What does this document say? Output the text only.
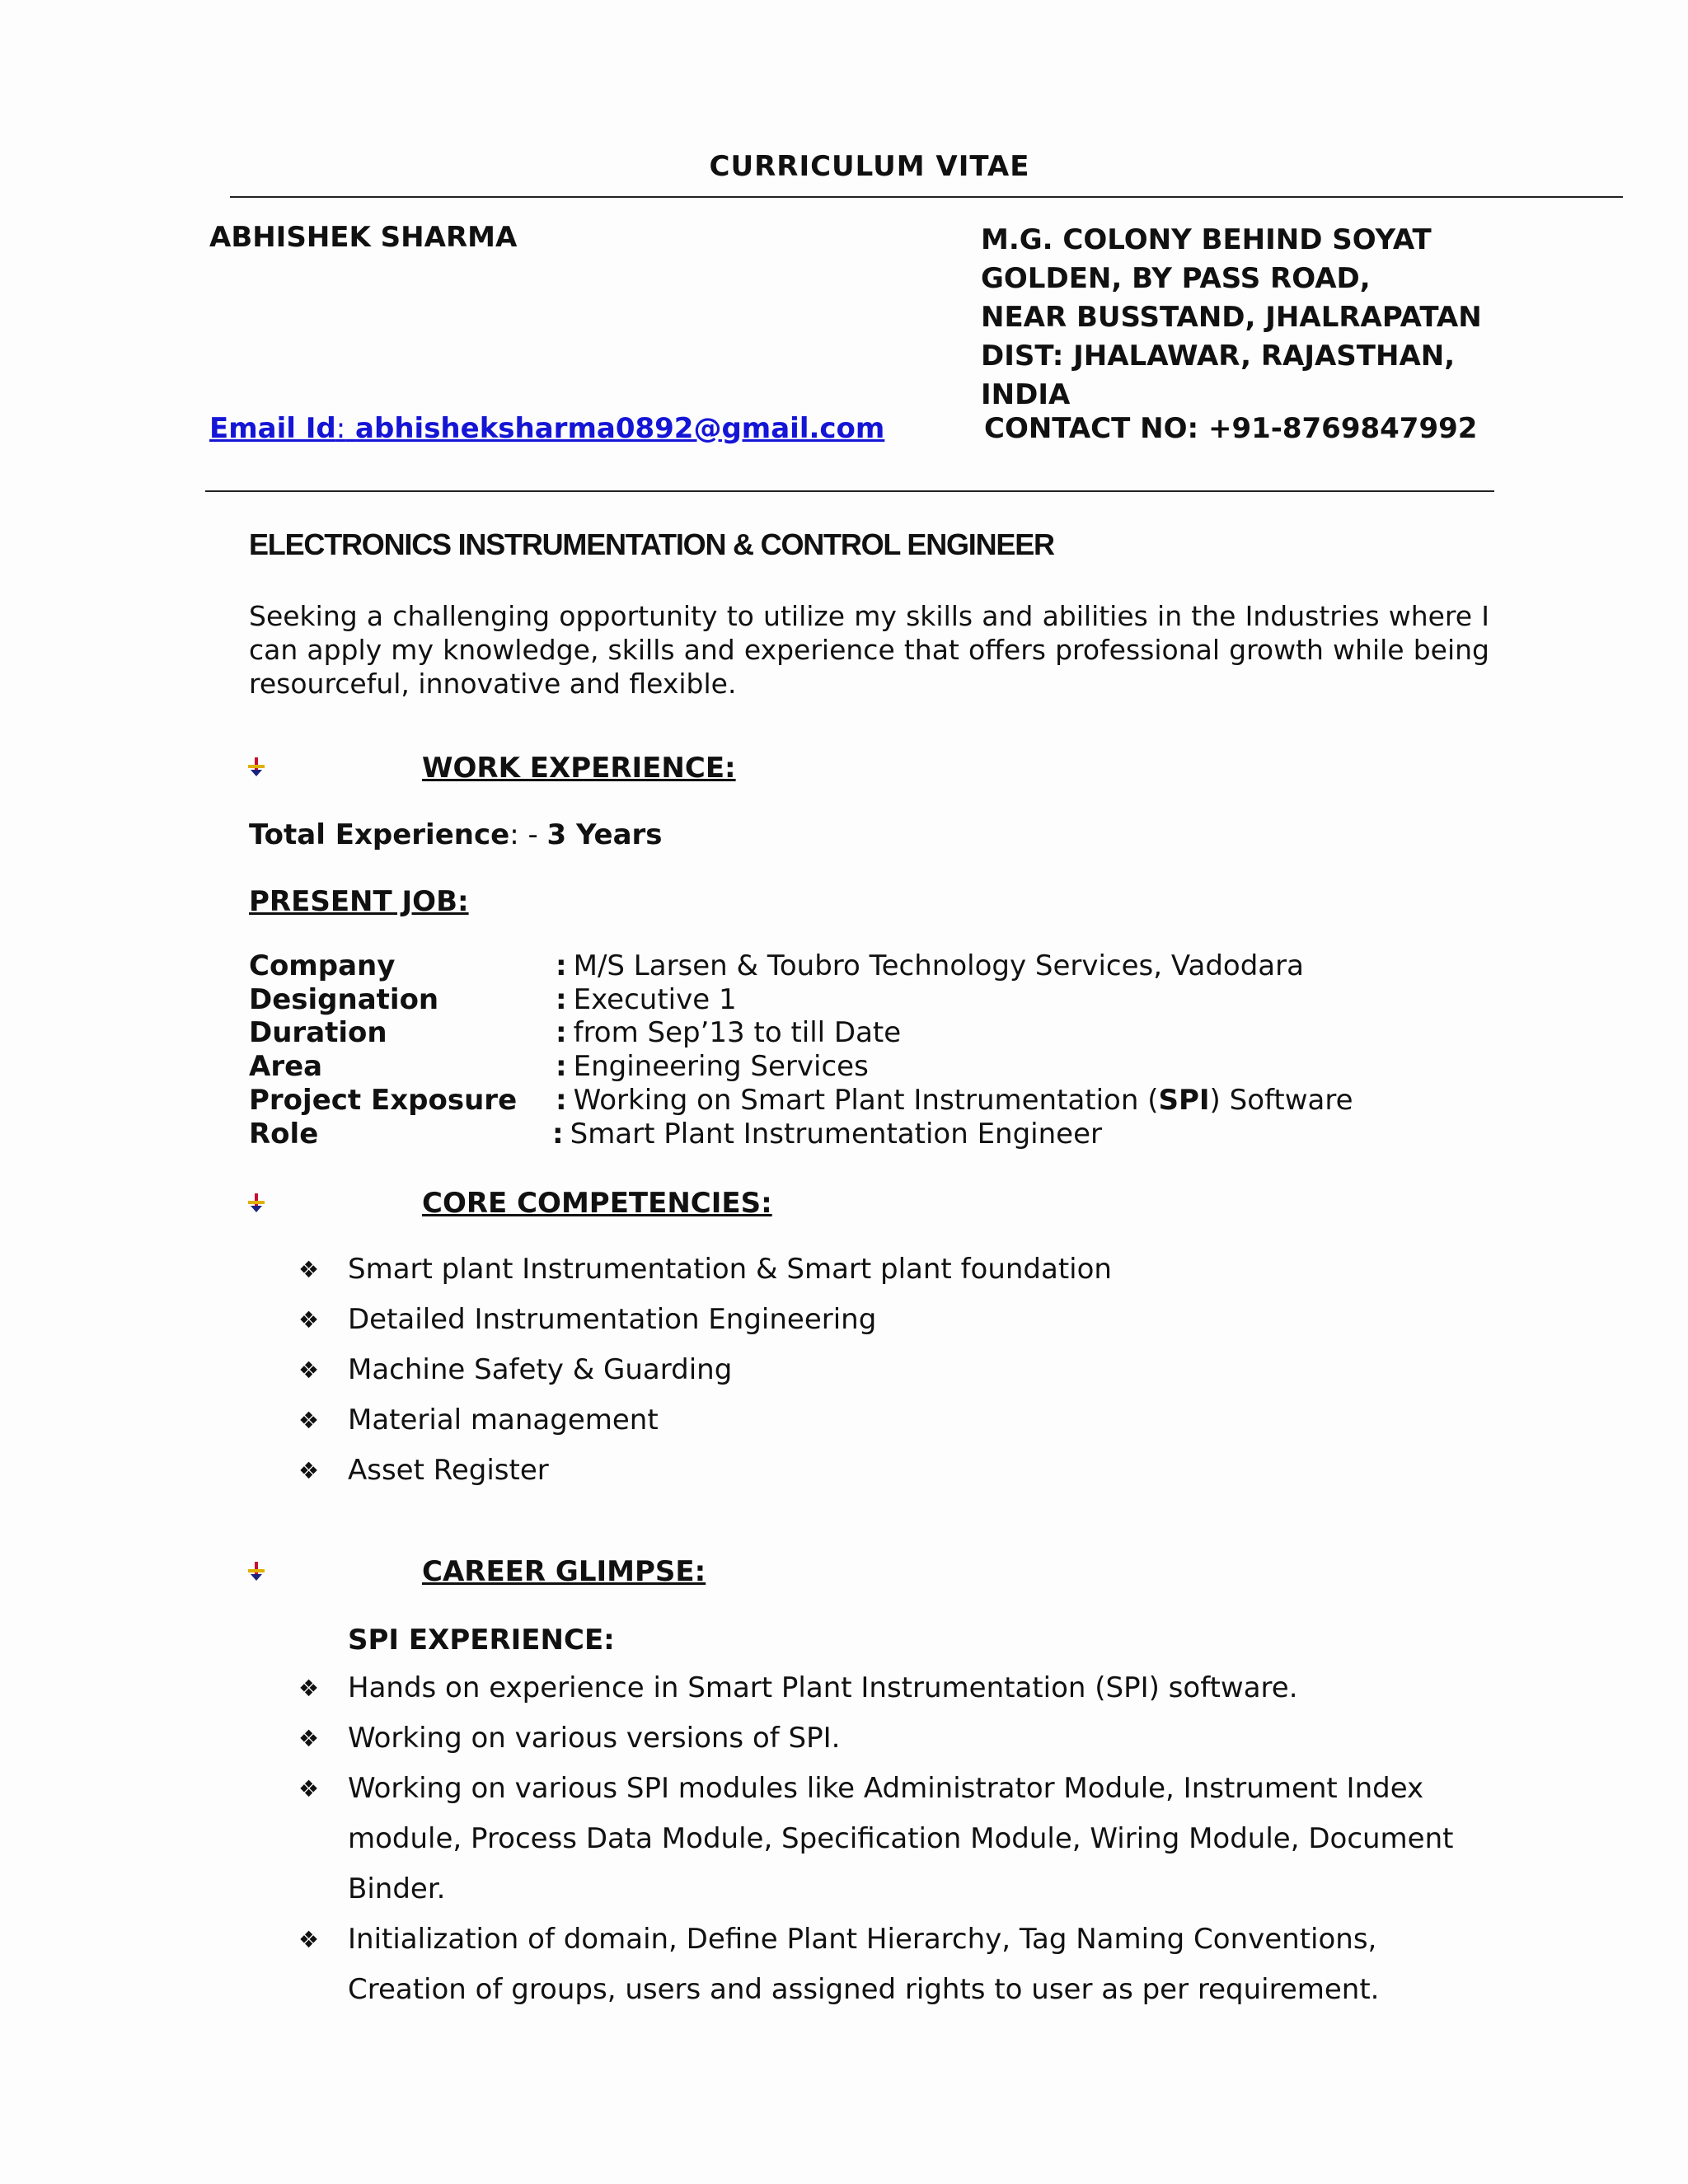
CURRICULUM VITAE
ABHISHEK SHARMA	M.G. COLONY BEHIND SOYAT
GOLDEN, BY PASS ROAD,
NEAR BUSSTAND, JHALRAPATAN
DIST: JHALAWAR, RAJASTHAN,
INDIA
Email Id: abhisheksharma0892@gmail.com	CONTACT NO: +91-8769847992
ELECTRONICS INSTRUMENTATION & CONTROL ENGINEER
Seeking a challenging opportunity to utilize my skills and abilities in the Industries where I can apply my knowledge, skills and experience that offers professional growth while being resourceful, innovative and flexible.
WORK EXPERIENCE:
Total Experience: - 3 Years
PRESENT JOB:
Company	: M/S Larsen & Toubro Technology Services, Vadodara
Designation	: Executive 1
Duration	: from Sep’13 to till Date
Area	: Engineering Services
Project Exposure	: Working on Smart Plant Instrumentation (SPI) Software
Role	: Smart Plant Instrumentation Engineer
CORE COMPETENCIES:
❖	Smart plant Instrumentation & Smart plant foundation
❖	Detailed Instrumentation Engineering
❖	Machine Safety & Guarding
❖	Material management
❖	Asset Register
CAREER GLIMPSE:
SPI EXPERIENCE:
❖	Hands on experience in Smart Plant Instrumentation (SPI) software.
❖	Working on various versions of SPI.
❖	Working on various SPI modules like Administrator Module, Instrument Index module, Process Data Module, Specification Module, Wiring Module, Document Binder.
❖	Initialization of domain, Define Plant Hierarchy, Tag Naming Conventions, Creation of groups, users and assigned rights to user as per requirement.
